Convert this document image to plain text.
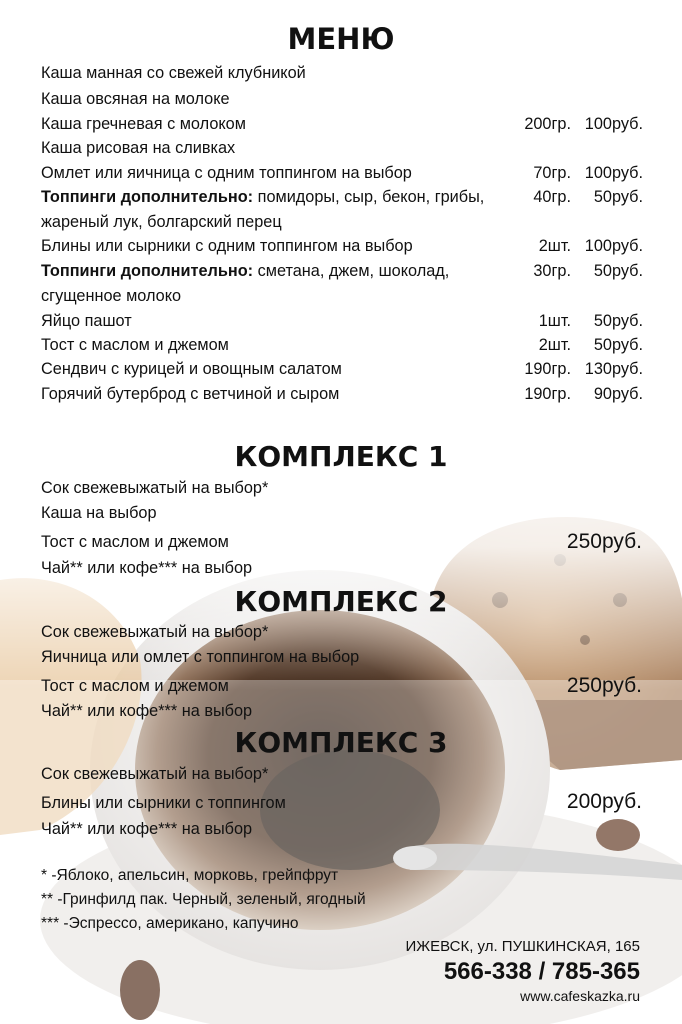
МЕНЮ
Каша манная со свежей клубникой
Каша овсяная на молоке
Каша гречневая с молоком	200гр. 100руб.
Каша рисовая на сливках
Омлет или яичница с одним топпингом на выбор	70гр. 100руб.
Топпинги дополнительно: помидоры, сыр, бекон, грибы,	40гр.	50руб.
жареный лук, болгарский перец
Блины или сырники с одним топпингом на выбор	2шт. 100руб.
Топпинги дополнительно: сметана, джем, шоколад,	30гр.	50руб.
сгущенное молоко
Яйцо пашот	1шт.	50руб.
Тост с маслом и джемом	2шт.	50руб.
Сендвич с курицей и овощным салатом	190гр. 130руб.
Горячий бутерброд с ветчиной и сыром	190гр.	90руб.
КОМПЛЕКС 1
Сок свежевыжатый на выбор*
Каша на выбор
Тост с маслом и джемом
Чай** или кофе*** на выбор
250руб.
КОМПЛЕКС 2
Сок свежевыжатый на выбор*
Яичница или омлет с топпингом на выбор
Тост с маслом и джемом
Чай** или кофе*** на выбор
250руб.
КОМПЛЕКС 3
Сок свежевыжатый на выбор*
Блины или сырники с топпингом
Чай** или кофе*** на выбор
200руб.
* -Яблоко, апельсин, морковь, грейпфрут
** -Гринфилд пак. Черный, зеленый, ягодный
*** -Эспрессо, американо, капучино
ИЖЕВСК, ул. ПУШКИНСКАЯ, 165
566-338 / 785-365
www.cafeskazka.ru
